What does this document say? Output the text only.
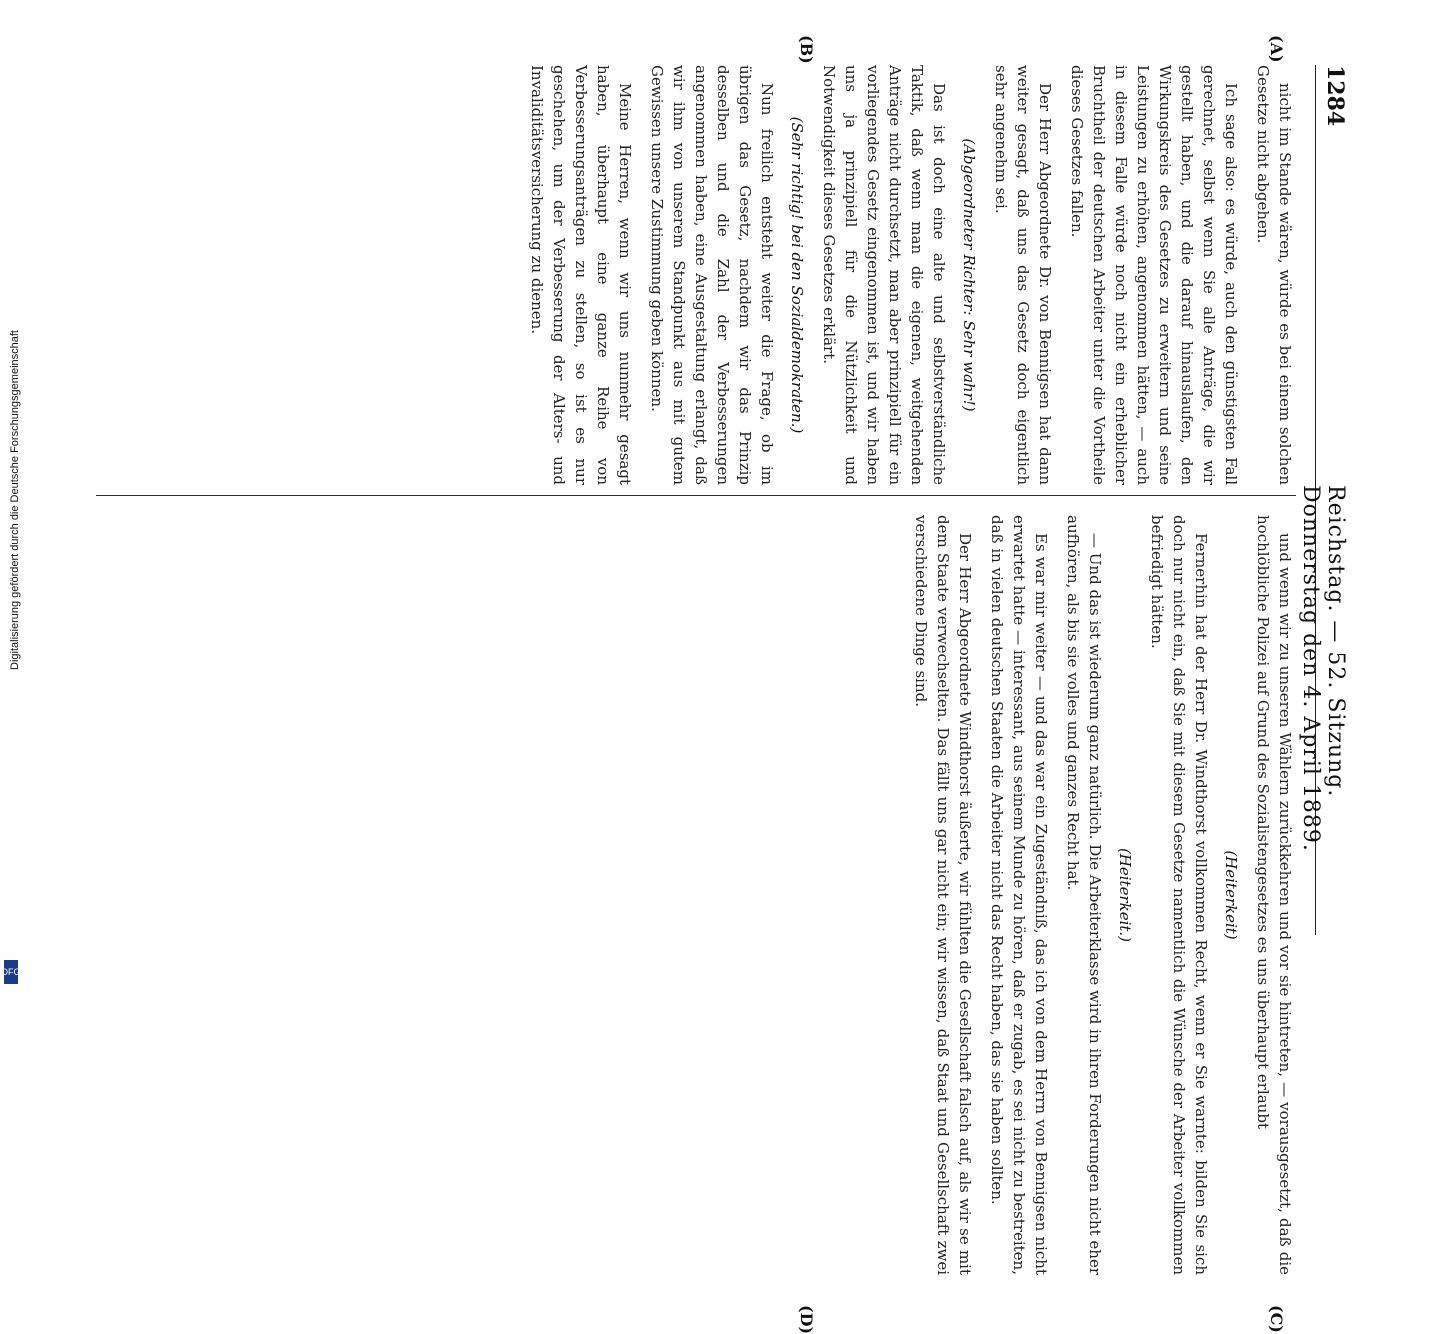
1284
Reichstag. — 52. Sitzung. Donnerstag den 4. April 1889.
(A)
(B)
(C)
(D)

nicht im Stande wären, würde es bei einem solchen Gesetze nicht abgehen.

Ich sage also: es würde, auch den günstigsten Fall gerechnet, selbst wenn Sie alle Anträge, die wir gestellt haben, und die darauf hinauslaufen, den Wirkungskreis des Gesetzes zu erweitern und seine Leistungen zu erhöhen, angenommen hätten, — auch in diesem Falle würde noch nicht ein erheblicher Bruchtheil der deutschen Arbeiter unter die Vortheile dieses Gesetzes fallen.

Der Herr Abgeordnete Dr. von Bennigsen hat dann weiter gesagt, daß uns das Gesetz doch eigentlich sehr angenehm sei.

(Abgeordneter Richter: Sehr wahr!)

Das ist doch eine alte und selbstverständliche Taktik, daß wenn man die eigenen, weitgehenden Anträge nicht durchsetzt, man aber prinzipiell für ein vorliegendes Gesetz eingenommen ist, und wir haben uns ja prinzipiell für die Nützlichkeit und Notwendigkeit dieses Gesetzes erklärt.

(Sehr richtig! bei den Sozialdemokraten.)

Nun freilich entsteht weiter die Frage, ob im übrigen das Gesetz, nachdem wir das Prinzip desselben und die Zahl der Verbesserungen angenommen haben, eine Ausgestaltung erlangt, daß wir ihm von unserem Standpunkt aus mit gutem Gewissen unsere Zustimmung geben können.

Meine Herren, wenn wir uns nunmehr gesagt haben, überhaupt eine ganze Reihe von Verbesserungsanträgen zu stellen, so ist es nur geschehen, um der Verbesserung der Alters- und Invaliditätsversicherung zu dienen.

und wenn wir zu unseren Wählern zurückkehren und vor sie hintreten, — vorausgesetzt, daß die hochlöbliche Polizei auf Grund des Sozialistengesetzes es uns überhaupt erlaubt

(Heiterkeit)

Fernerhin hat der Herr Dr. Windthorst vollkommen Recht, wenn er Sie warnte: bilden Sie sich doch nur nicht ein, daß Sie mit diesem Gesetze namentlich die Wünsche der Arbeiter vollkommen befriedigt hätten.

(Heiterkeit.)

— Und das ist wiederum ganz natürlich. Die Arbeiterklasse wird in ihren Forderungen nicht eher aufhören, als bis sie volles und ganzes Recht hat.

Es war mir weiter — und das war ein Zugeständniß, das ich von dem Herrn von Bennigsen nicht erwartet hatte — interessant, aus seinem Munde zu hören, daß er zugab, es sei nicht zu bestreiten, daß in vielen deutschen Staaten die Arbeiter nicht das Recht haben, das sie haben sollten.

Der Herr Abgeordnete Windthorst äußerte, wir fühlten die Gesellschaft falsch auf, als wir se mit dem Staate verwechselten. Das fällt uns gar nicht ein; wir wissen, daß Staat und Gesellschaft zwei verschiedene Dinge sind.

Digitalisierung gefördert durch die Deutsche Forschungsgemeinschaft
DFG
